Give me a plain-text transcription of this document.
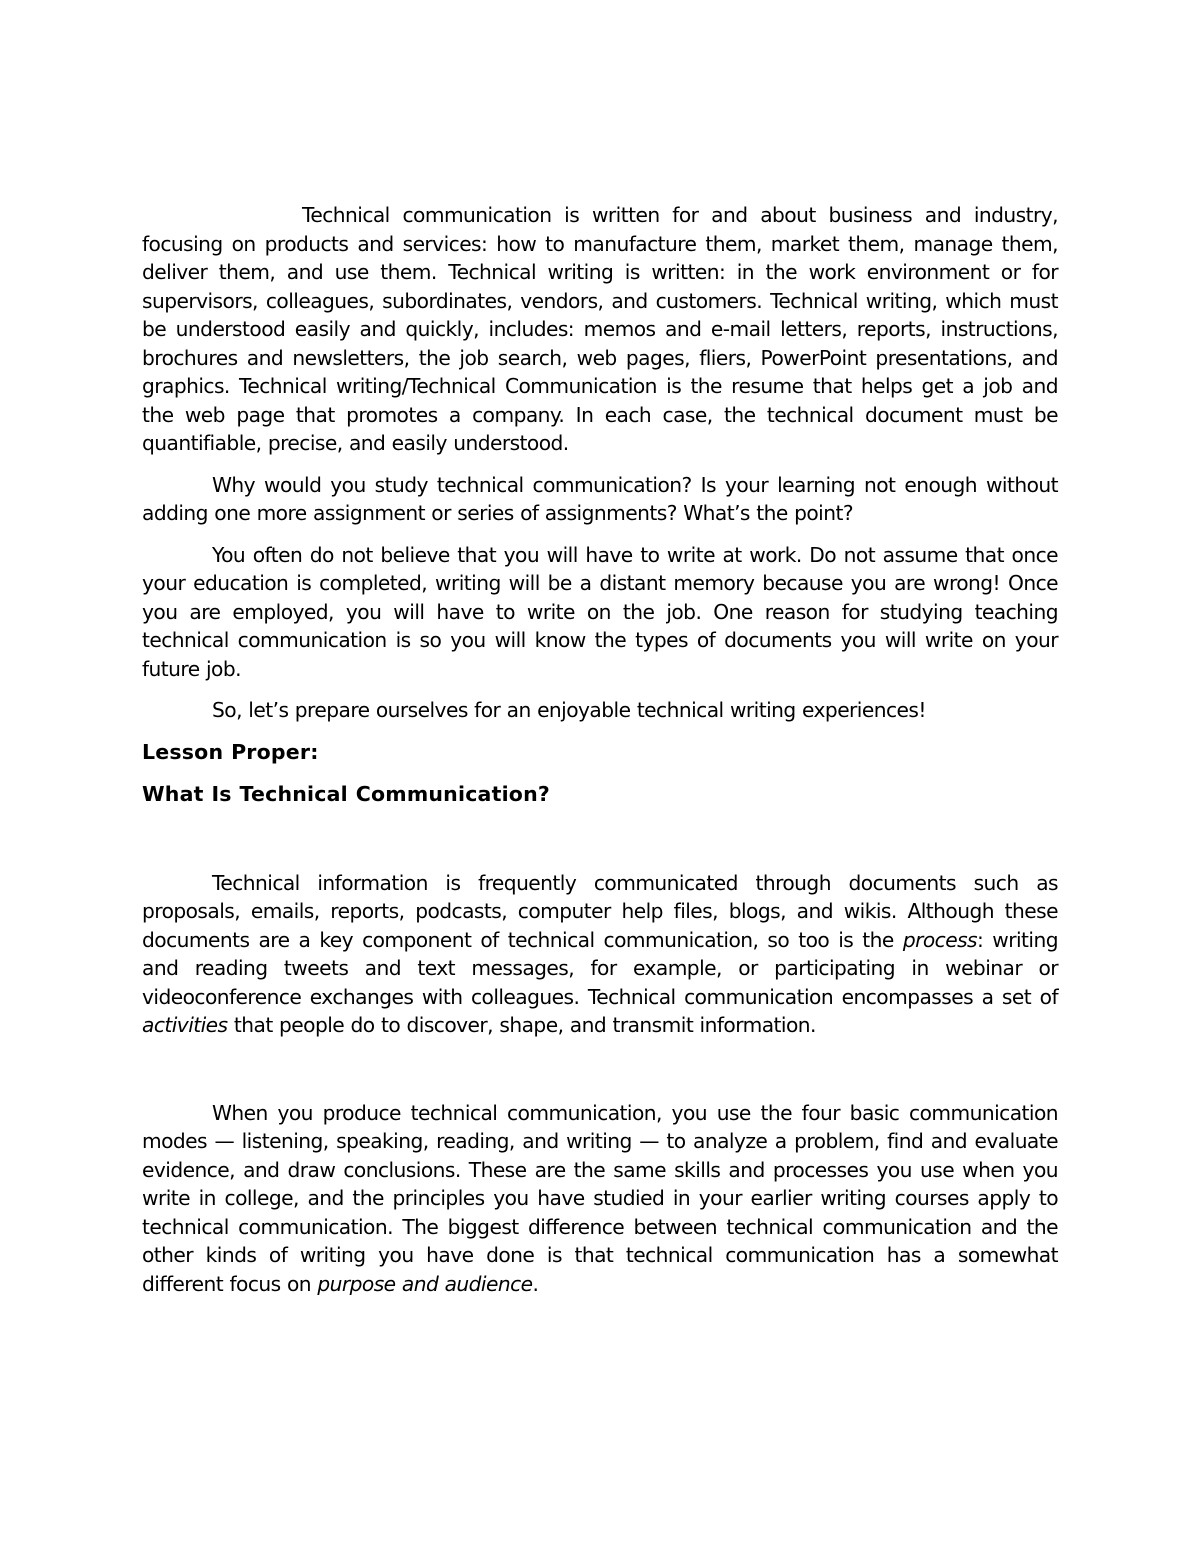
Technical communication is written for and about business and industry, focusing on products and services: how to manufacture them, market them, manage them, deliver them, and use them. Technical writing is written: in the work environment or for supervisors, colleagues, subordinates, vendors, and customers. Technical writing, which must be understood easily and quickly, includes: memos and e-mail letters, reports, instructions, brochures and newsletters, the job search, web pages, fliers, PowerPoint presentations, and graphics. Technical writing/Technical Communication is the resume that helps get a job and the web page that promotes a company. In each case, the technical document must be quantifiable, precise, and easily understood.

Why would you study technical communication? Is your learning not enough without adding one more assignment or series of assignments? What’s the point?

You often do not believe that you will have to write at work. Do not assume that once your education is completed, writing will be a distant memory because you are wrong! Once you are employed, you will have to write on the job. One reason for studying teaching technical communication is so you will know the types of documents you will write on your future job.

So, let’s prepare ourselves for an enjoyable technical writing experiences!

Lesson Proper:
What Is Technical Communication?

Technical information is frequently communicated through documents such as proposals, emails, reports, podcasts, computer help files, blogs, and wikis. Although these documents are a key component of technical communication, so too is the process: writing and reading tweets and text messages, for example, or participating in webinar or videoconference exchanges with colleagues. Technical communication encompasses a set of activities that people do to discover, shape, and transmit information.

When you produce technical communication, you use the four basic communication modes — listening, speaking, reading, and writing — to analyze a problem, find and evaluate evidence, and draw conclusions. These are the same skills and processes you use when you write in college, and the principles you have studied in your earlier writing courses apply to technical communication. The biggest difference between technical communication and the other kinds of writing you have done is that technical communication has a somewhat different focus on purpose and audience.
